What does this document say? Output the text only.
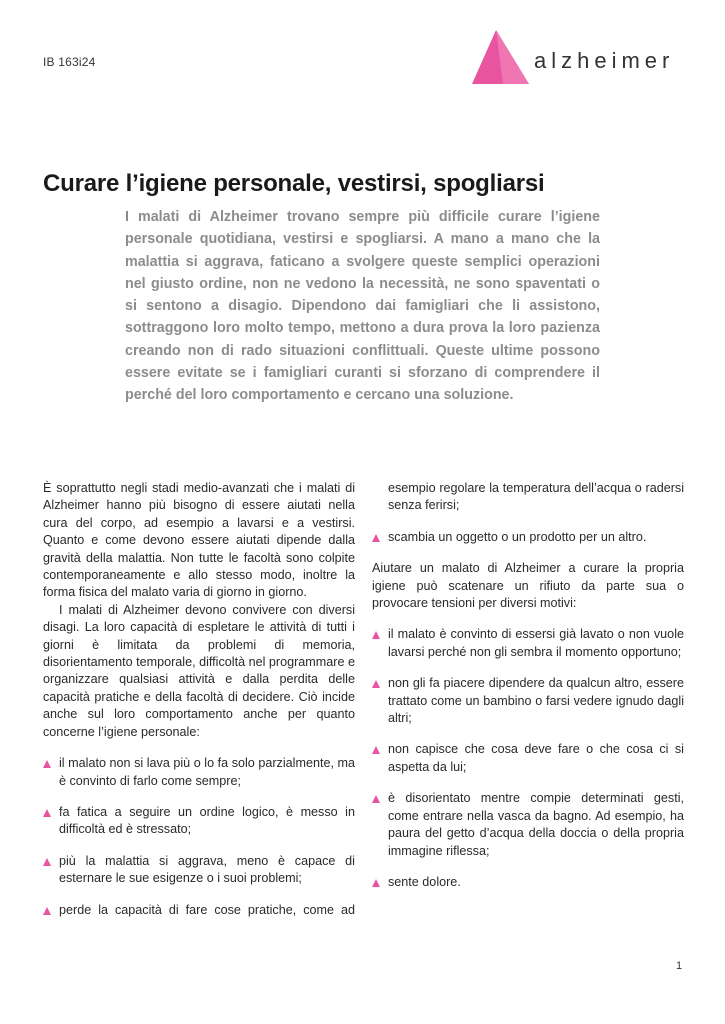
IB 163i24	alzheimer
Curare l’igiene personale, vestirsi, spogliarsi

I malati di Alzheimer trovano sempre più difficile curare l’igiene personale quotidiana, vestirsi e spogliarsi. A mano a mano che la malattia si aggrava, faticano a svolgere queste semplici operazioni nel giusto ordine, non ne vedono la necessità, ne sono spaventati o si sentono a disagio. Dipendono dai famigliari che li assistono, sottraggono loro molto tempo, mettono a dura prova la loro pazienza creando non di rado situazioni conflittuali. Queste ultime possono essere evitate se i famigliari curanti si sforzano di comprendere il perché del loro comportamento e cercano una soluzione.

È soprattutto negli stadi medio-avanzati che i malati di Alzheimer hanno più bisogno di essere aiutati nella cura del corpo, ad esempio a lavarsi e a vestirsi. Quanto e come devono essere aiutati dipende dalla gravità della malattia. Non tutte le facoltà sono colpite contemporaneamente e allo stesso modo, inoltre la forma fisica del malato varia di giorno in giorno.

I malati di Alzheimer devono convivere con diversi disagi. La loro capacità di espletare le attività di tutti i giorni è limitata da problemi di memoria, disorientamento temporale, difficoltà nel programmare e organizzare qualsiasi attività e dalla perdita delle capacità pratiche e della facoltà di decidere. Ciò incide anche sul loro comportamento anche per quanto concerne l’igiene personale:

il malato non si lava più o lo fa solo parzialmente, ma è convinto di farlo come sempre;
fa fatica a seguire un ordine logico, è messo in difficoltà ed è stressato;
più la malattia si aggrava, meno è capace di esternare le sue esigenze o i suoi problemi;
perde la capacità di fare cose pratiche, come ad

esempio regolare la temperatura dell’acqua o radersi senza ferirsi;

scambia un oggetto o un prodotto per un altro.

Aiutare un malato di Alzheimer a curare la propria igiene può scatenare un rifiuto da parte sua o provocare tensioni per diversi motivi:

il malato è convinto di essersi già lavato o non vuole lavarsi perché non gli sembra il momento opportuno;
non gli fa piacere dipendere da qualcun altro, essere trattato come un bambino o farsi vedere ignudo dagli altri;
non capisce che cosa deve fare o che cosa ci si aspetta da lui;
è disorientato mentre compie determinati gesti, come entrare nella vasca da bagno. Ad esempio, ha paura del getto d’acqua della doccia o della propria immagine riflessa;
sente dolore.
1
